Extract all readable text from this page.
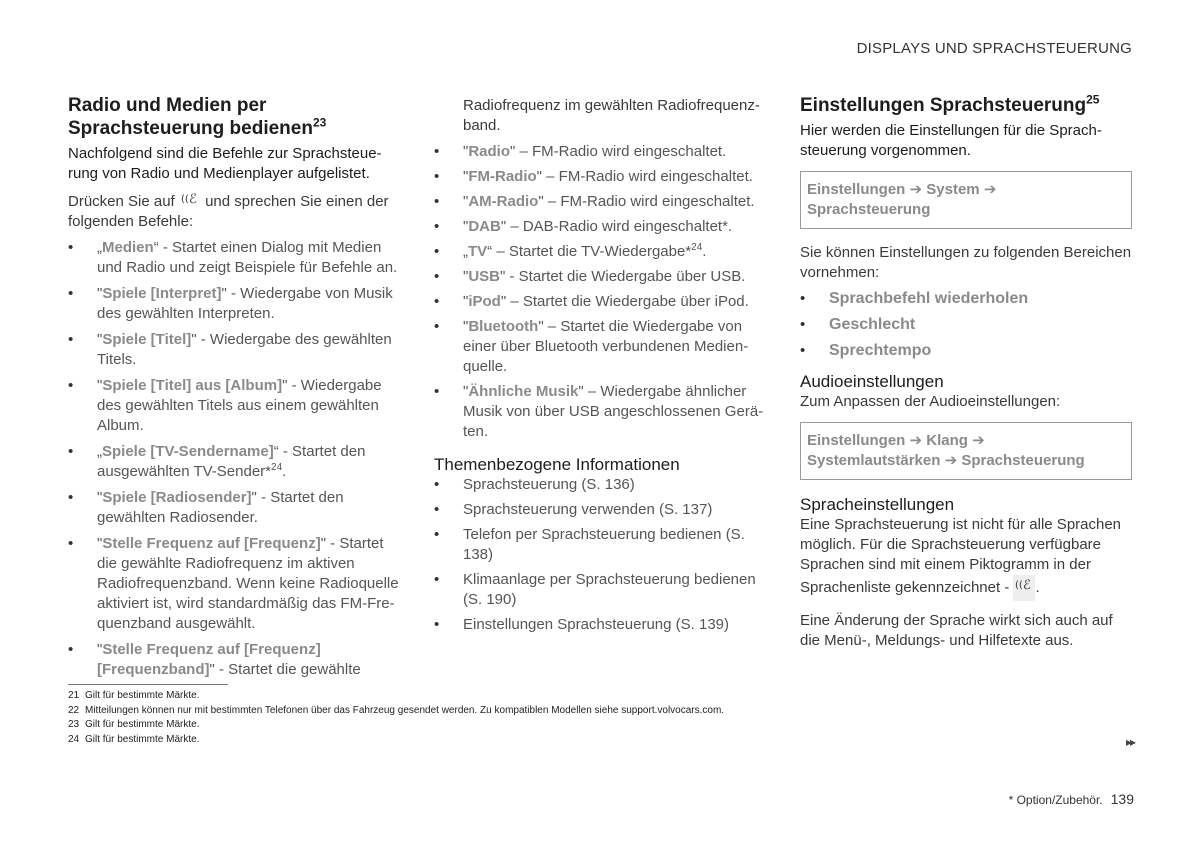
DISPLAYS UND SPRACHSTEUERUNG
Radio und Medien per Sprachsteuerung bedienen$^{23}$

Nachfolgend sind die Befehle zur Sprachsteuerung von Radio und Medienplayer aufgelistet.

Drücken Sie auf (( ℰ und sprechen Sie einen der folgenden Befehle:

• „Medien“ - Startet einen Dialog mit Medien und Radio und zeigt Beispiele für Befehle an.
• "Spiele [Interpret]" - Wiedergabe von Musik des gewählten Interpreten.
• "Spiele [Titel]" - Wiedergabe des gewählten Titels.
• "Spiele [Titel] aus [Album]" - Wiedergabe des gewählten Titels aus einem gewählten Album.
• „Spiele [TV-Sendername]“ - Startet den ausgewählten TV-Sender*$^{24}$.
• "Spiele [Radiosender]" - Startet den gewählten Radiosender.
• "Stelle Frequenz auf [Frequenz]" - Startet die gewählte Radiofrequenz im aktiven Radiofrequenzband. Wenn keine Radioquelle aktiviert ist, wird standardmäßig das FM-Frequenzband ausgewählt.
• "Stelle Frequenz auf [Frequenz] [Frequenzband]" - Startet die gewählte

Radiofrequenz im gewählten Radiofrequenzband.

• "Radio" – FM-Radio wird eingeschaltet.
• "FM-Radio" – FM-Radio wird eingeschaltet.
• "AM-Radio" – FM-Radio wird eingeschaltet.
• "DAB" – DAB-Radio wird eingeschaltet*.
• „TV“ – Startet die TV-Wiedergabe*$^{24}$.
• "USB" - Startet die Wiedergabe über USB.
• "iPod" – Startet die Wiedergabe über iPod.
• "Bluetooth" – Startet die Wiedergabe von einer über Bluetooth verbundenen Medienquelle.
• "Ähnliche Musik" – Wiedergabe ähnlicher Musik von über USB angeschlossenen Geräten.
Themenbezogene Informationen
• Sprachsteuerung (S. 136)
• Sprachsteuerung verwenden (S. 137)
• Telefon per Sprachsteuerung bedienen (S. 138)
• Klimaanlage per Sprachsteuerung bedienen (S. 190)
• Einstellungen Sprachsteuerung (S. 139)
Einstellungen Sprachsteuerung$^{25}$

Hier werden die Einstellungen für die Sprachsteuerung vorgenommen.

Einstellungen ➔ System ➔
Sprachsteuerung

Sie können Einstellungen zu folgenden Bereichen vornehmen:

• Sprachbefehl wiederholen
• Geschlecht
• Sprechtempo
Audioeinstellungen

Zum Anpassen der Audioeinstellungen:

Einstellungen ➔ Klang ➔
Systemlautstärken ➔ Sprachsteuerung
Spracheinstellungen

Eine Sprachsteuerung ist nicht für alle Sprachen möglich. Für die Sprachsteuerung verfügbare Sprachen sind mit einem Piktogramm in der

Sprachenliste gekennzeichnet - (( ℰ .

Eine Änderung der Sprache wirkt sich auch auf die Menü-, Meldungs- und Hilfetexte aus.

21 Gilt für bestimmte Märkte.
22 Mitteilungen können nur mit bestimmten Telefonen über das Fahrzeug gesendet werden. Zu kompatiblen Modellen siehe support.volvocars.com.
23 Gilt für bestimmte Märkte.
24 Gilt für bestimmte Märkte.	▸▸
* Option/Zubehör. 139
